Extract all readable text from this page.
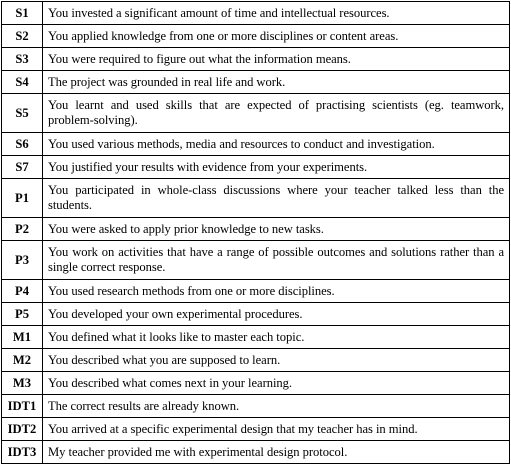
S1	You invested a significant amount of time and intellectual resources.
S2	You applied knowledge from one or more disciplines or content areas.
S3	You were required to figure out what the information means.
S4	The project was grounded in real life and work.
S5	You learnt and used skills that are expected of practising scientists (eg. teamwork, problem-solving).
S6	You used various methods, media and resources to conduct and investigation.
S7	You justified your results with evidence from your experiments.
P1	You participated in whole-class discussions where your teacher talked less than the students.
P2	You were asked to apply prior knowledge to new tasks.
P3	You work on activities that have a range of possible outcomes and solutions rather than a single correct response.
P4	You used research methods from one or more disciplines.
P5	You developed your own experimental procedures.
M1	You defined what it looks like to master each topic.
M2	You described what you are supposed to learn.
M3	You described what comes next in your learning.
IDT1	The correct results are already known.
IDT2	You arrived at a specific experimental design that my teacher has in mind.
IDT3	My teacher provided me with experimental design protocol.
